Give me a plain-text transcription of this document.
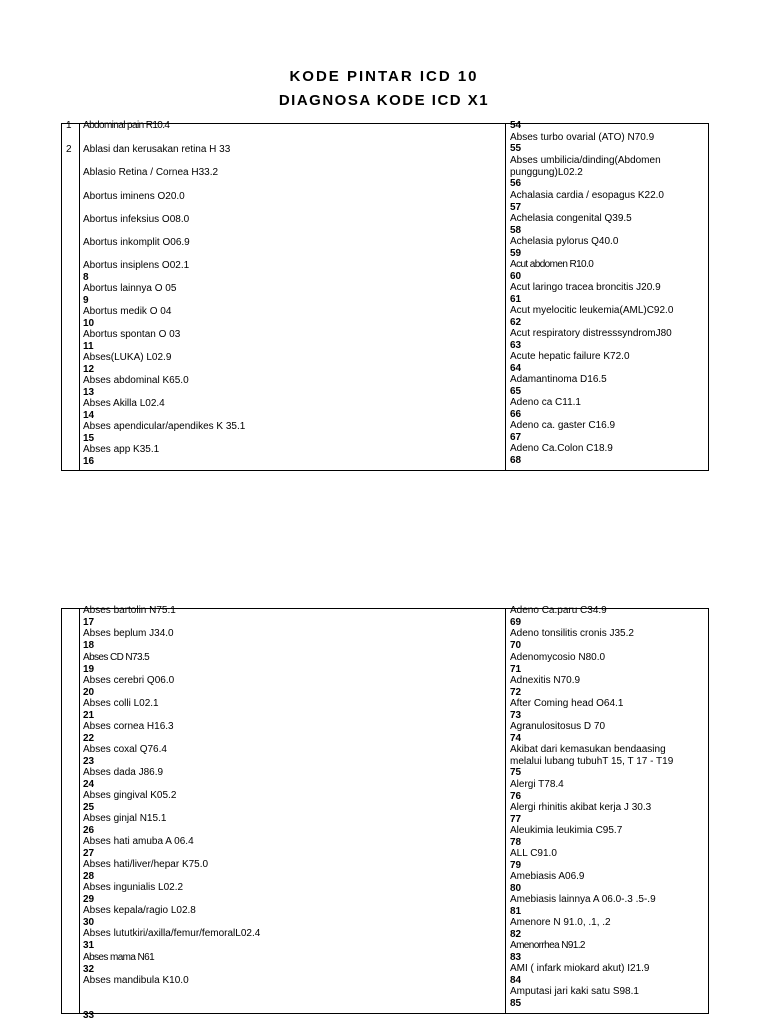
KODE PINTAR ICD 10
DIAGNOSA KODE ICD X1
1
2
Abdominal pain R10.4
Ablasi dan kerusakan retina H 33
Ablasio Retina / Cornea H33.2
Abortus iminens O20.0
Abortus infeksius O08.0
Abortus inkomplit O06.9
Abortus insiplens O02.1
8
Abortus lainnya O 05
9
Abortus medik O 04
10
Abortus spontan O 03
11
Abses(LUKA) L02.9
12
Abses abdominal K65.0
13
Abses Akilla L02.4
14
Abses apendicular/apendikes K 35.1
15
Abses app K35.1
16
54
Abses turbo ovarial (ATO) N70.9
55
Abses umbilicia/dinding(Abdomen
punggung)L02.2
56
Achalasia cardia / esopagus K22.0
57
Achelasia congenital Q39.5
58
Achelasia pylorus Q40.0
59
Acut abdomen R10.0
60
Acut laringo tracea broncitis J20.9
61
Acut myelocitic leukemia(AML)C92.0
62
Acut respiratory distresssyndromJ80
63
Acute hepatic failure K72.0
64
Adamantinoma D16.5
65
Adeno ca C11.1
66
Adeno ca. gaster C16.9
67
Adeno Ca.Colon C18.9
68
Abses bartolin N75.1
17
Abses beplum J34.0
18
Abses CD N73.5
19
Abses cerebri Q06.0
20
Abses colli L02.1
21
Abses cornea H16.3
22
Abses coxal Q76.4
23
Abses dada J86.9
24
Abses gingival K05.2
25
Abses ginjal N15.1
26
Abses hati amuba A 06.4
27
Abses hati/liver/hepar K75.0
28
Abses ingunialis L02.2
29
Abses kepala/ragio L02.8
30
Abses lututkiri/axilla/femur/femoralL02.4
31
Abses mama N61
32
Abses mandibula K10.0
33
Adeno Ca.paru C34.9
69
Adeno tonsilitis cronis J35.2
70
Adenomycosio N80.0
71
Adnexitis N70.9
72
After Coming head O64.1
73
Agranulositosus D 70
74
Akibat dari kemasukan bendaasing
melalui lubang tubuhT 15, T 17 - T19
75
Alergi T78.4
76
Alergi rhinitis akibat kerja J 30.3
77
Aleukimia leukimia C95.7
78
ALL C91.0
79
Amebiasis A06.9
80
Amebiasis lainnya A 06.0-.3 .5-.9
81
Amenore N 91.0, .1, .2
82
Amenorrhea N91.2
83
AMI ( infark miokard akut) I21.9
84
Amputasi jari kaki satu S98.1
85
